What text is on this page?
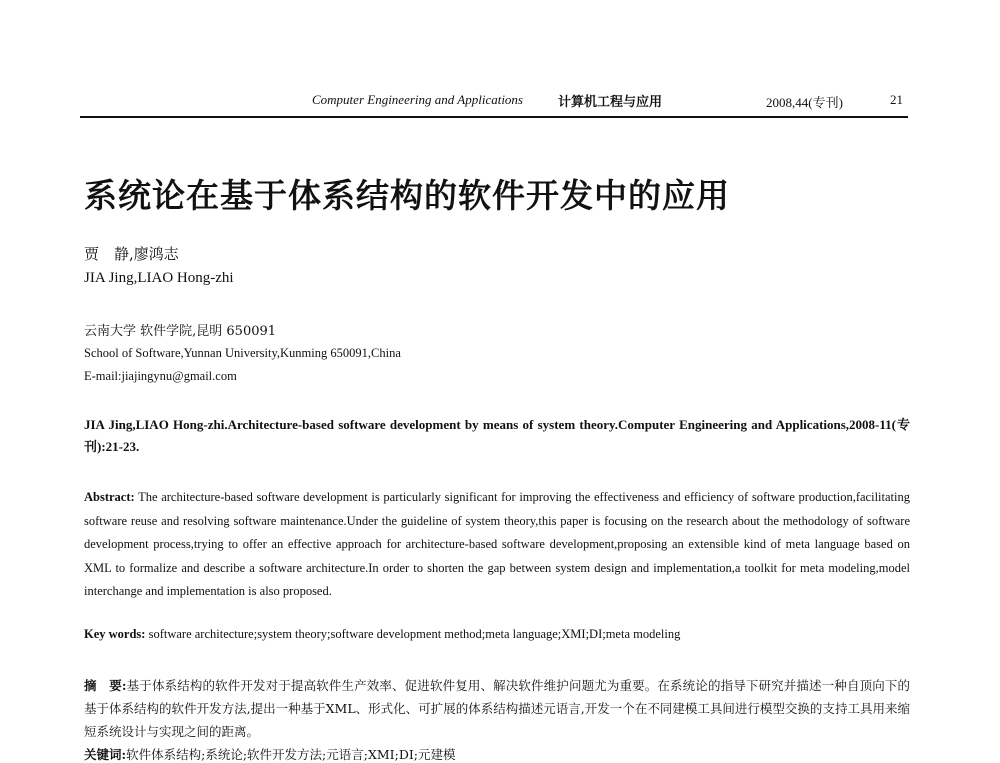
Computer Engineering and Applications	计算机工程与应用	2008,44(专刊)	21
系统论在基于体系结构的软件开发中的应用
贾　静,廖鸿志
JIA Jing,LIAO Hong-zhi
云南大学 软件学院,昆明 650091
School of Software,Yunnan University,Kunming 650091,China
E-mail:jiajingynu@gmail.com
JIA Jing,LIAO Hong-zhi.Architecture-based software development by means of system theory.Computer Engineering and Applications,2008-11(专刊):21-23.
Abstract: The architecture-based software development is particularly significant for improving the effectiveness and efficiency of software production,facilitating software reuse and resolving software maintenance.Under the guideline of system theory,this paper is focusing on the research about the methodology of software development process,trying to offer an effective approach for architecture-based software development,proposing an extensible kind of meta language based on XML to formalize and describe a software architecture.In order to shorten the gap between system design and implementation,a toolkit for meta modeling,model interchange and implementation is also proposed.
Key words: software architecture;system theory;software development method;meta language;XMI;DI;meta modeling
摘　要:基于体系结构的软件开发对于提高软件生产效率、促进软件复用、解决软件维护问题尤为重要。在系统论的指导下研究并描述一种自顶向下的基于体系结构的软件开发方法,提出一种基于XML、形式化、可扩展的体系结构描述元语言,开发一个在不同建模工具间进行模型交换的支持工具用来缩短系统设计与实现之间的距离。
关键词:软件体系结构;系统论;软件开发方法;元语言;XMI;DI;元建模
